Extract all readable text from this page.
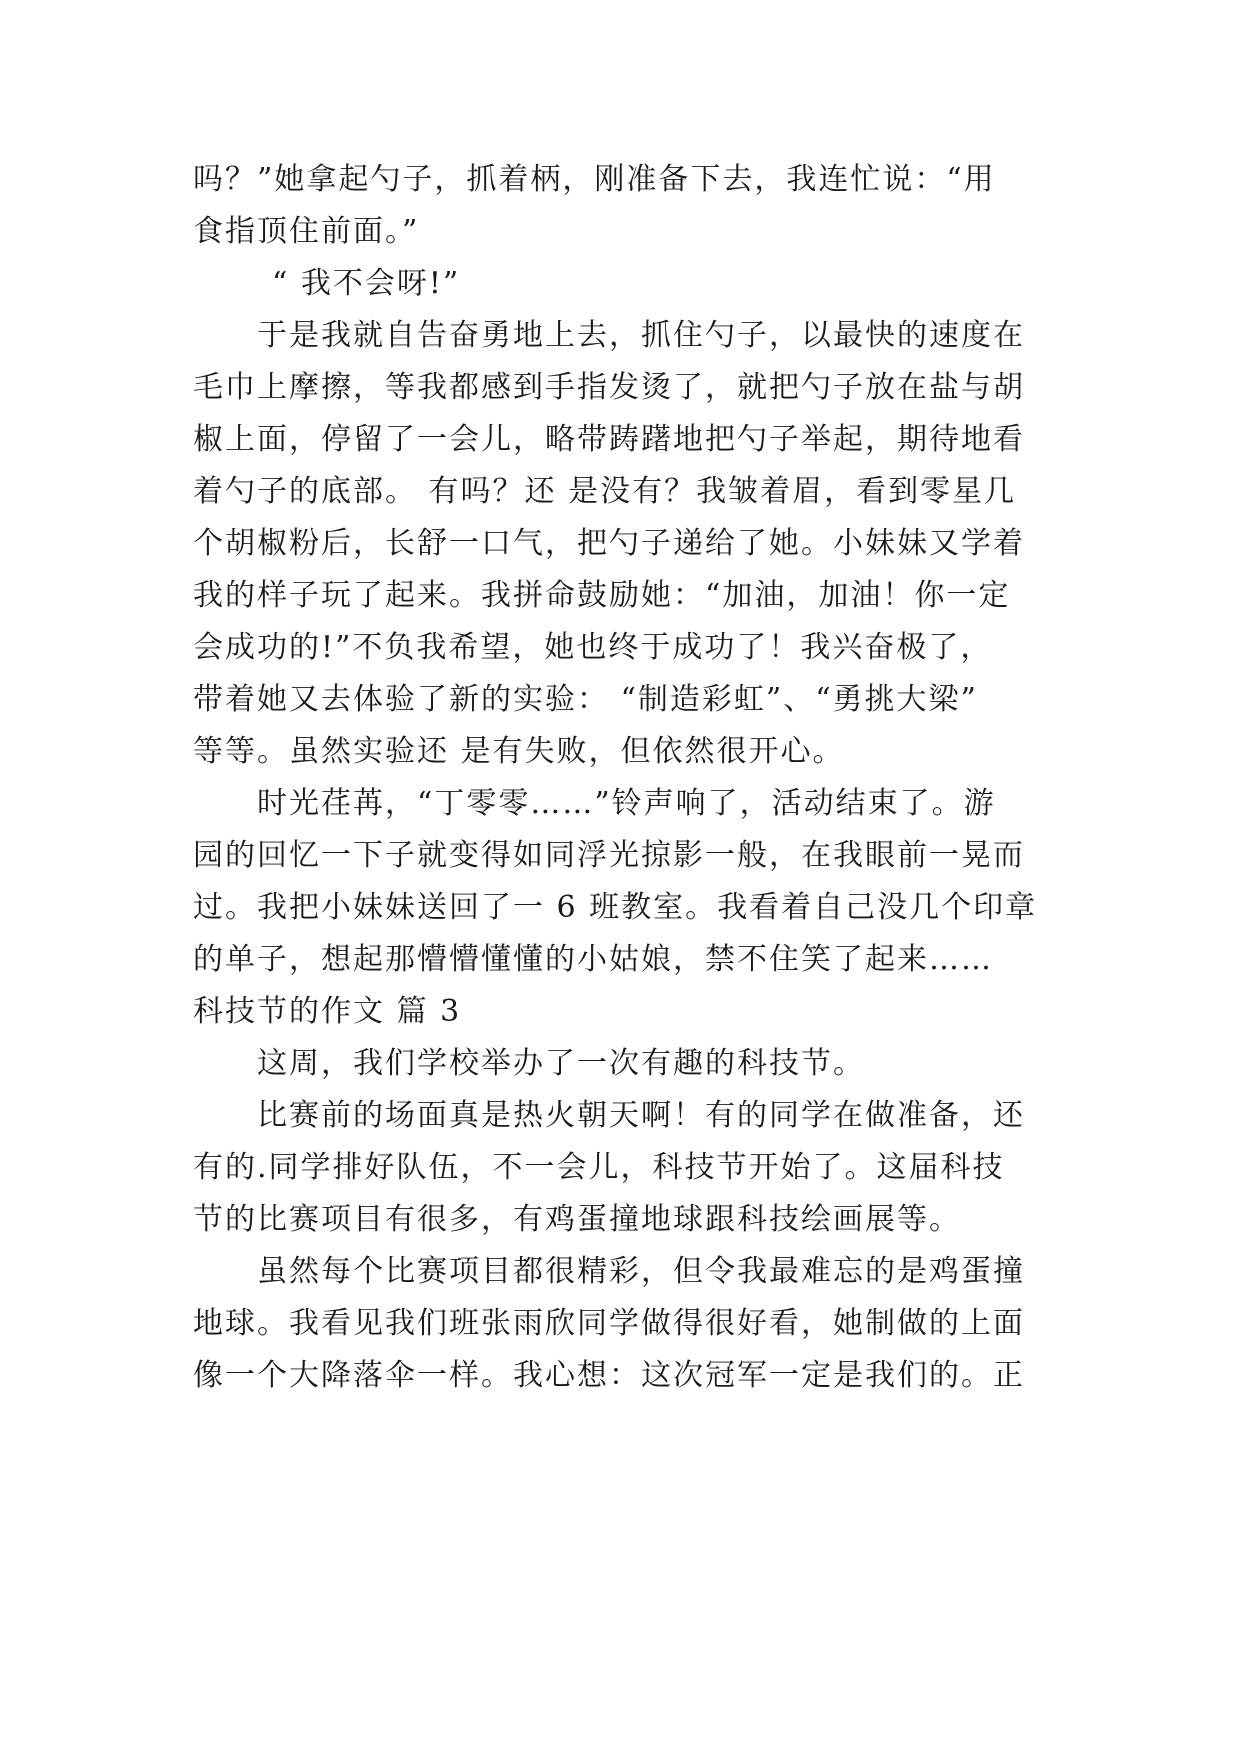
吗？”她拿起勺子，抓着柄，刚准备下去，我连忙说：“用
食指顶住前面。”
“ 我不会呀!”
于是我就自告奋勇地上去，抓住勺子，以最快的速度在
毛巾上摩擦，等我都感到手指发烫了，就把勺子放在盐与胡
椒上面，停留了一会儿，略带踌躇地把勺子举起，期待地看
着勺子的底部。 有吗？还 是没有？我皱着眉，看到零星几
个胡椒粉后，长舒一口气，把勺子递给了她。小妹妹又学着
我的样子玩了起来。我拼命鼓励她：“加油，加油！你一定
会成功的!”不负我希望，她也终于成功了！我兴奋极了，
带着她又去体验了新的实验： “制造彩虹”、“勇挑大梁”
等等。虽然实验还 是有失败，但依然很开心。
时光荏苒，“丁零零……”铃声响了，活动结束了。游
园的回忆一下子就变得如同浮光掠影一般，在我眼前一晃而
过。我把小妹妹送回了一 6 班教室。我看着自己没几个印章
的单子，想起那懵懵懂懂的小姑娘，禁不住笑了起来……
科技节的作文 篇 3
这周，我们学校举办了一次有趣的科技节。
比赛前的场面真是热火朝天啊！有的同学在做准备，还
有的.同学排好队伍，不一会儿，科技节开始了。这届科技
节的比赛项目有很多，有鸡蛋撞地球跟科技绘画展等。
虽然每个比赛项目都很精彩，但令我最难忘的是鸡蛋撞
地球。我看见我们班张雨欣同学做得很好看，她制做的上面
像一个大降落伞一样。我心想：这次冠军一定是我们的。正
